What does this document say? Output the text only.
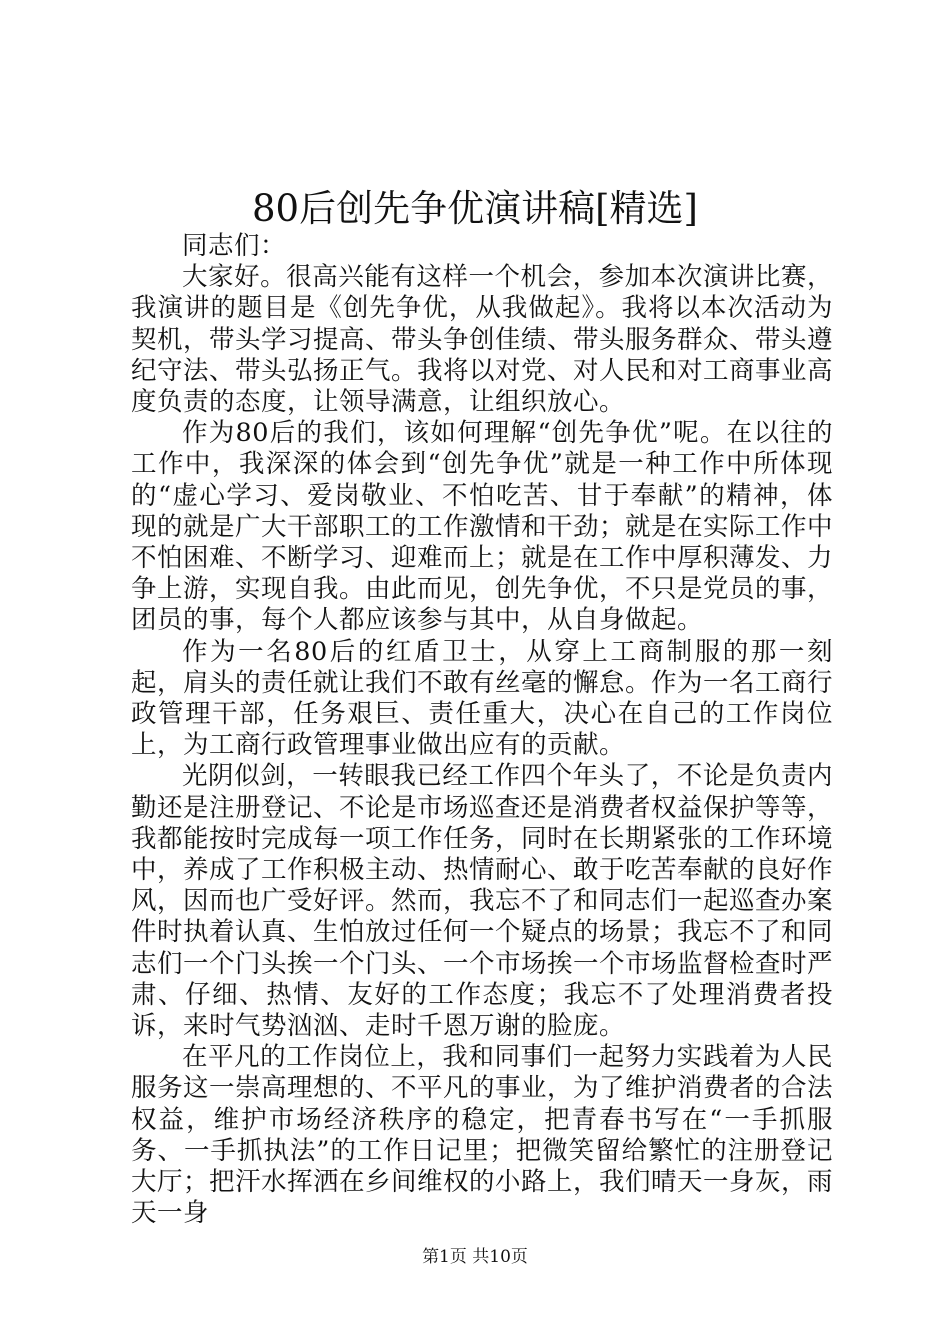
80后创先争优演讲稿[精选]

同志们：

大家好。很高兴能有这样一个机会，参加本次演讲比赛，我演讲的题目是《创先争优，从我做起》。我将以本次活动为契机，带头学习提高、带头争创佳绩、带头服务群众、带头遵纪守法、带头弘扬正气。我将以对党、对人民和对工商事业高度负责的态度，让领导满意，让组织放心。

作为80后的我们，该如何理解“创先争优”呢。在以往的工作中，我深深的体会到“创先争优”就是一种工作中所体现的“虚心学习、爱岗敬业、不怕吃苦、甘于奉献”的精神，体现的就是广大干部职工的工作激情和干劲；就是在实际工作中不怕困难、不断学习、迎难而上；就是在工作中厚积薄发、力争上游，实现自我。由此而见，创先争优，不只是党员的事，团员的事，每个人都应该参与其中，从自身做起。

作为一名80后的红盾卫士，从穿上工商制服的那一刻起，肩头的责任就让我们不敢有丝毫的懈怠。作为一名工商行政管理干部，任务艰巨、责任重大，决心在自己的工作岗位上，为工商行政管理事业做出应有的贡献。

光阴似剑，一转眼我已经工作四个年头了，不论是负责内勤还是注册登记、不论是市场巡查还是消费者权益保护等等，我都能按时完成每一项工作任务，同时在长期紧张的工作环境中，养成了工作积极主动、热情耐心、敢于吃苦奉献的良好作风，因而也广受好评。然而，我忘不了和同志们一起巡查办案件时执着认真、生怕放过任何一个疑点的场景；我忘不了和同志们一个门头挨一个门头、一个市场挨一个市场监督检查时严肃、仔细、热情、友好的工作态度；我忘不了处理消费者投诉，来时气势汹汹、走时千恩万谢的脸庞。

在平凡的工作岗位上，我和同事们一起努力实践着为人民服务这一崇高理想的、不平凡的事业，为了维护消费者的合法权益，维护市场经济秩序的稳定，把青春书写在“一手抓服务、一手抓执法”的工作日记里；把微笑留给繁忙的注册登记大厅；把汗水挥洒在乡间维权的小路上，我们晴天一身灰，雨天一身

第1页 共10页
